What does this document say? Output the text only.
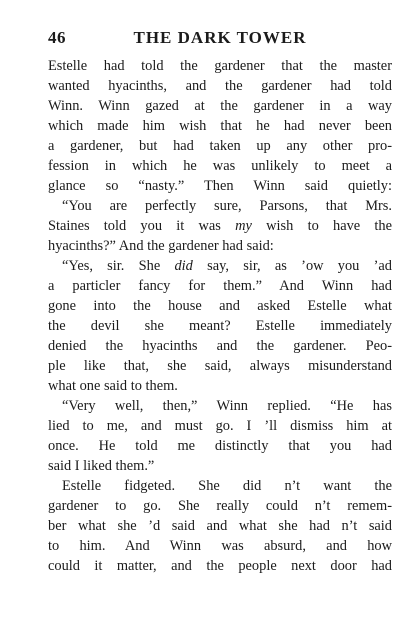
46	THE DARK TOWER
Estelle had told the gardener that the master
wanted hyacinths, and the gardener had told
Winn. Winn gazed at the gardener in a way
which made him wish that he had never been
a gardener, but had taken up any other pro-
fession in which he was unlikely to meet a
glance so “nasty.” Then Winn said quietly:
“You are perfectly sure, Parsons, that Mrs.
Staines told you it was my wish to have the
hyacinths?” And the gardener had said:
“Yes, sir. She did say, sir, as ’ow you ’ad
a particler fancy for them.” And Winn had
gone into the house and asked Estelle what
the devil she meant? Estelle immediately
denied the hyacinths and the gardener. Peo-
ple like that, she said, always misunderstand
what one said to them.
“Very well, then,” Winn replied. “He has
lied to me, and must go. I ’ll dismiss him at
once. He told me distinctly that you had
said I liked them.”
Estelle fidgeted. She did n’t want the
gardener to go. She really could n’t remem-
ber what she ’d said and what she had n’t said
to him. And Winn was absurd, and how
could it matter, and the people next door had
